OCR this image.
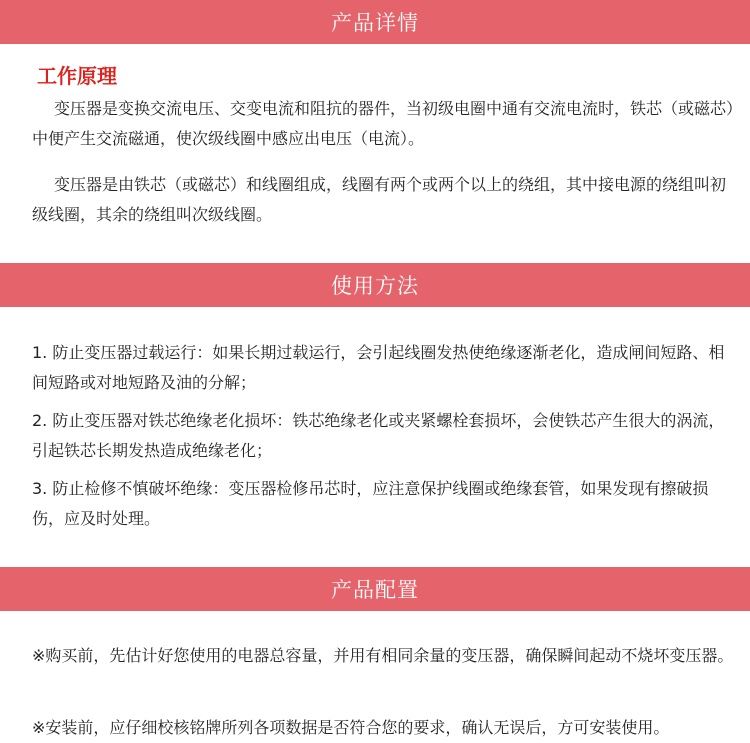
产品详情
工作原理

变压器是变换交流电压、交变电流和阻抗的器件，当初级电圈中通有交流电流时，铁芯（或磁芯）中便产生交流磁通，使次级线圈中感应出电压（电流）。

变压器是由铁芯（或磁芯）和线圈组成，线圈有两个或两个以上的绕组，其中接电源的绕组叫初级线圈，其余的绕组叫次级线圈。

使用方法

1. 防止变压器过载运行：如果长期过载运行，会引起线圈发热使绝缘逐渐老化，造成闸间短路、相间短路或对地短路及油的分解；

2. 防止变压器对铁芯绝缘老化损坏：铁芯绝缘老化或夹紧螺栓套损坏，会使铁芯产生很大的涡流，引起铁芯长期发热造成绝缘老化；

3. 防止检修不慎破坏绝缘：变压器检修吊芯时，应注意保护线圈或绝缘套管，如果发现有擦破损伤，应及时处理。

产品配置

※购买前，先估计好您使用的电器总容量，并用有相同余量的变压器，确保瞬间起动不烧坏变压器。

※安装前，应仔细校核铭牌所列各项数据是否符合您的要求，确认无误后，方可安装使用。
